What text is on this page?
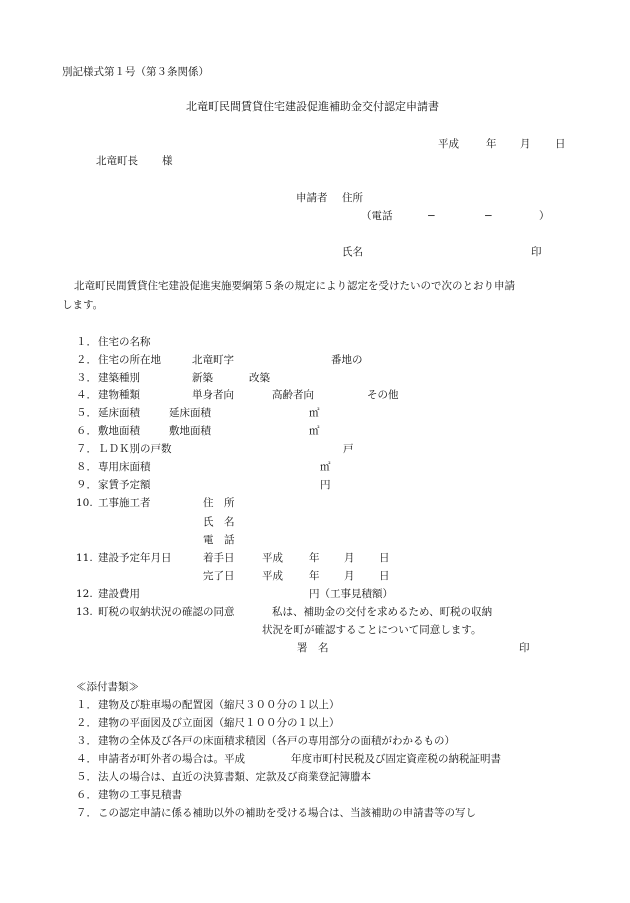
別記様式第１号（第３条関係）
北竜町民間賃貸住宅建設促進補助金交付認定申請書
平成	年 月 日
北竜町長 様
申請者 住所
（電話	−	−	）
氏名	印
北竜町民間賃貸住宅建設促進実施要綱第５条の規定により認定を受けたいので次のとおり申請
します。
１． 住宅の名称
２． 住宅の所在地	北竜町字	番地の
３． 建築種別	新築	改築
４． 建物種類	単身者向	高齢者向	その他
５． 延床面積	延床面積	㎡
６． 敷地面積	敷地面積	㎡
７． ＬＤＫ別の戸数	戸
８． 専用床面積	㎡
９． 家賃予定額	円
10. 工事施工者	住　所
氏　名
電　話
11. 建設予定年月日	着手日	平成 年 月 日
完了日	平成 年 月 日
12. 建設費用	円（工事見積額）
13. 町税の収納状況の確認の同意	私は、補助金の交付を求めるため、町税の収納
状況を町が確認することについて同意します。
署　名	印
≪添付書類≫
１． 建物及び駐車場の配置図（縮尺３００分の１以上）
２． 建物の平面図及び立面図（縮尺１００分の１以上）
３． 建物の全体及び各戸の床面積求積図（各戸の専用部分の面積がわかるもの）
４． 申請者が町外者の場合は。平成	年度市町村民税及び固定資産税の納税証明書
５． 法人の場合は、直近の決算書類、定款及び商業登記簿謄本
６． 建物の工事見積書
７． この認定申請に係る補助以外の補助を受ける場合は、当該補助の申請書等の写し
